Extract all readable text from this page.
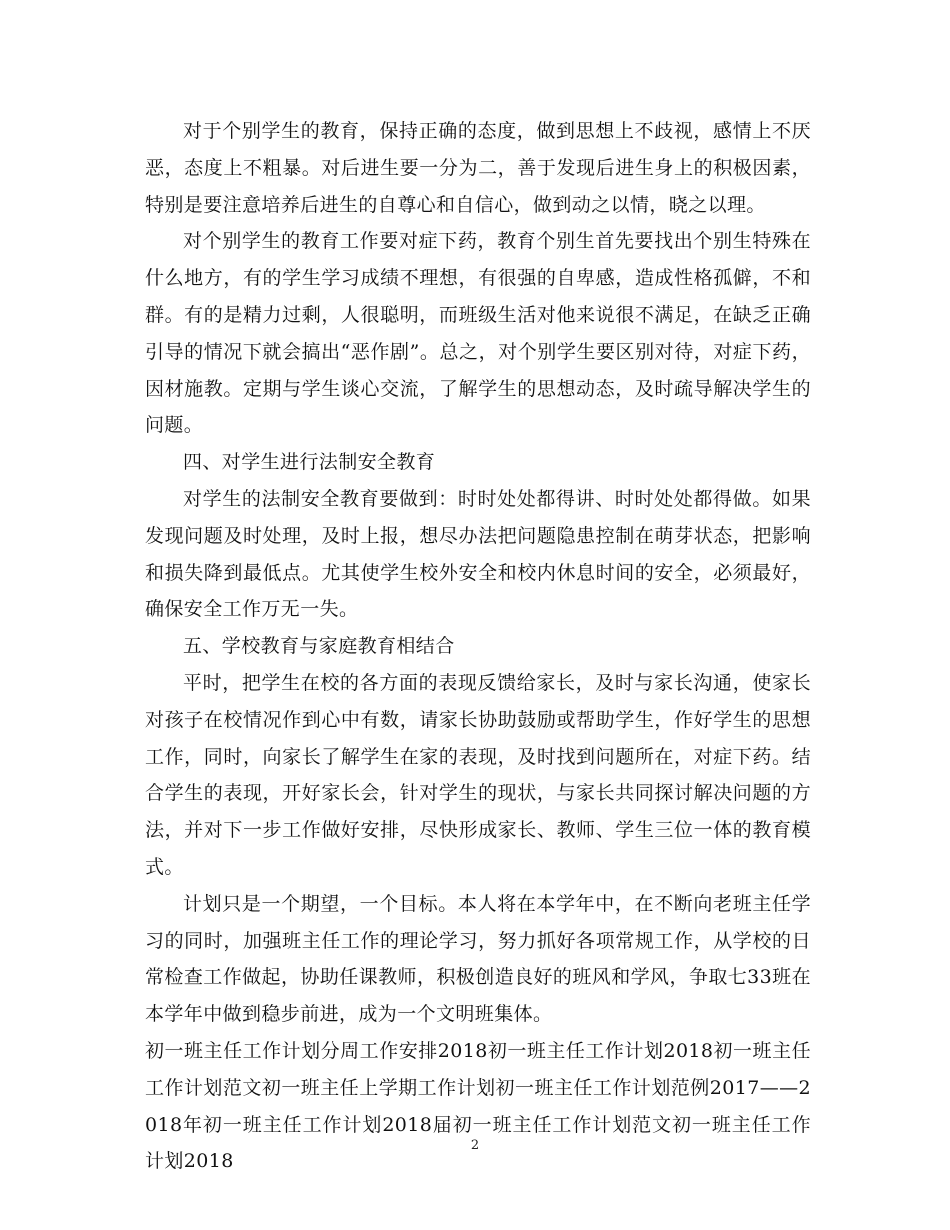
对于个别学生的教育，保持正确的态度，做到思想上不歧视，感情上不厌恶，态度上不粗暴。对后进生要一分为二，善于发现后进生身上的积极因素，特别是要注意培养后进生的自尊心和自信心，做到动之以情，晓之以理。

对个别学生的教育工作要对症下药，教育个别生首先要找出个别生特殊在什么地方，有的学生学习成绩不理想，有很强的自卑感，造成性格孤僻，不和群。有的是精力过剩，人很聪明，而班级生活对他来说很不满足，在缺乏正确引导的情况下就会搞出“恶作剧”。总之，对个别学生要区别对待，对症下药，因材施教。定期与学生谈心交流，了解学生的思想动态，及时疏导解决学生的问题。

四、对学生进行法制安全教育

对学生的法制安全教育要做到：时时处处都得讲、时时处处都得做。如果发现问题及时处理，及时上报，想尽办法把问题隐患控制在萌芽状态，把影响和损失降到最低点。尤其使学生校外安全和校内休息时间的安全，必须最好，确保安全工作万无一失。

五、学校教育与家庭教育相结合

平时，把学生在校的各方面的表现反馈给家长，及时与家长沟通，使家长对孩子在校情况作到心中有数，请家长协助鼓励或帮助学生，作好学生的思想工作，同时，向家长了解学生在家的表现，及时找到问题所在，对症下药。结合学生的表现，开好家长会，针对学生的现状，与家长共同探讨解决问题的方法，并对下一步工作做好安排，尽快形成家长、教师、学生三位一体的教育模式。

计划只是一个期望，一个目标。本人将在本学年中，在不断向老班主任学习的同时，加强班主任工作的理论学习，努力抓好各项常规工作，从学校的日常检查工作做起，协助任课教师，积极创造良好的班风和学风，争取七33班在本学年中做到稳步前进，成为一个文明班集体。

初一班主任工作计划分周工作安排2018初一班主任工作计划2018初一班主任工作计划范文初一班主任上学期工作计划初一班主任工作计划范例2017——2018年初一班主任工作计划2018届初一班主任工作计划范文初一班主任工作计划2018

2
